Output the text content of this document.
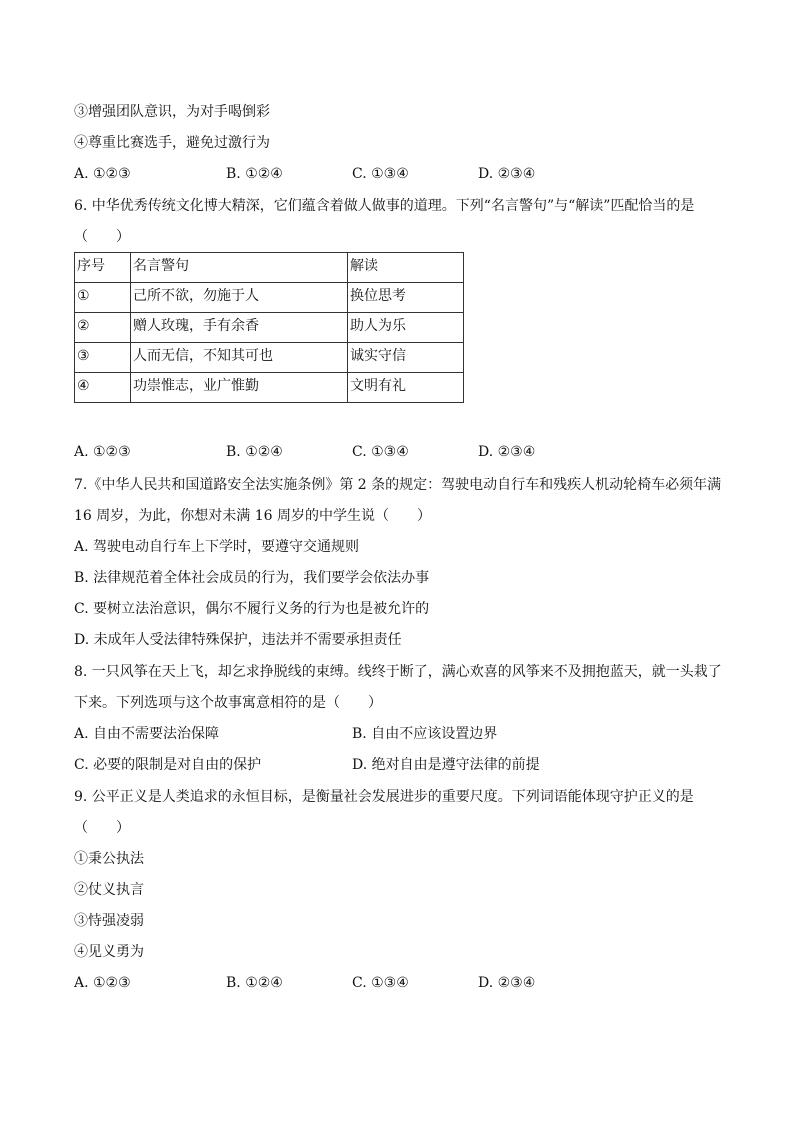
③增强团队意识，为对手喝倒彩
④尊重比赛选手，避免过激行为
A. ①②③	B. ①②④	C. ①③④	D. ②③④
6. 中华优秀传统文化博大精深，它们蕴含着做人做事的道理。下列“名言警句”与“解读”匹配恰当的是
（　　）
序号	名言警句	解读
①	己所不欲，勿施于人	换位思考
②	赠人玫瑰，手有余香	助人为乐
③	人而无信，不知其可也	诚实守信
④	功崇惟志，业广惟勤	文明有礼
A. ①②③	B. ①②④	C. ①③④	D. ②③④
7.《中华人民共和国道路安全法实施条例》第 2 条的规定：驾驶电动自行车和残疾人机动轮椅车必须年满
16 周岁，为此，你想对未满 16 周岁的中学生说（　　）
A. 驾驶电动自行车上下学时，要遵守交通规则
B. 法律规范着全体社会成员的行为，我们要学会依法办事
C. 要树立法治意识，偶尔不履行义务的行为也是被允许的
D. 未成年人受法律特殊保护，违法并不需要承担责任
8. 一只风筝在天上飞，却乞求挣脱线的束缚。线终于断了，满心欢喜的风筝来不及拥抱蓝天，就一头栽了
下来。下列选项与这个故事寓意相符的是（　　）
A. 自由不需要法治保障	B. 自由不应该设置边界
C. 必要的限制是对自由的保护	D. 绝对自由是遵守法律的前提
9. 公平正义是人类追求的永恒目标，是衡量社会发展进步的重要尺度。下列词语能体现守护正义的是
（　　）
①秉公执法
②仗义执言
③恃强凌弱
④见义勇为
A. ①②③	B. ①②④	C. ①③④	D. ②③④
